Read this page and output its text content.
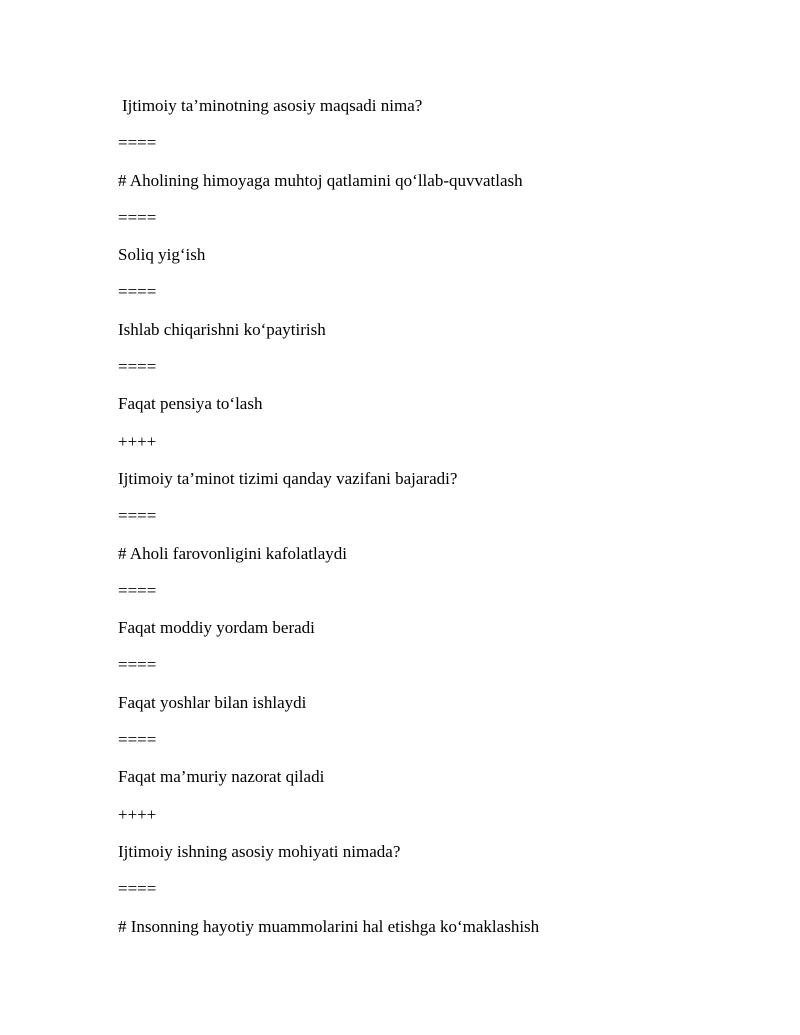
Ijtimoiy ta’minotning asosiy maqsadi nima?
====
# Aholining himoyaga muhtoj qatlamini qo‘llab-quvvatlash
====
Soliq yig‘ish
====
Ishlab chiqarishni ko‘paytirish
====
Faqat pensiya to‘lash
++++
Ijtimoiy ta’minot tizimi qanday vazifani bajaradi?
====
# Aholi farovonligini kafolatlaydi
====
Faqat moddiy yordam beradi
====
Faqat yoshlar bilan ishlaydi
====
Faqat ma’muriy nazorat qiladi
++++
Ijtimoiy ishning asosiy mohiyati nimada?
====
# Insonning hayotiy muammolarini hal etishga ko‘maklashish
